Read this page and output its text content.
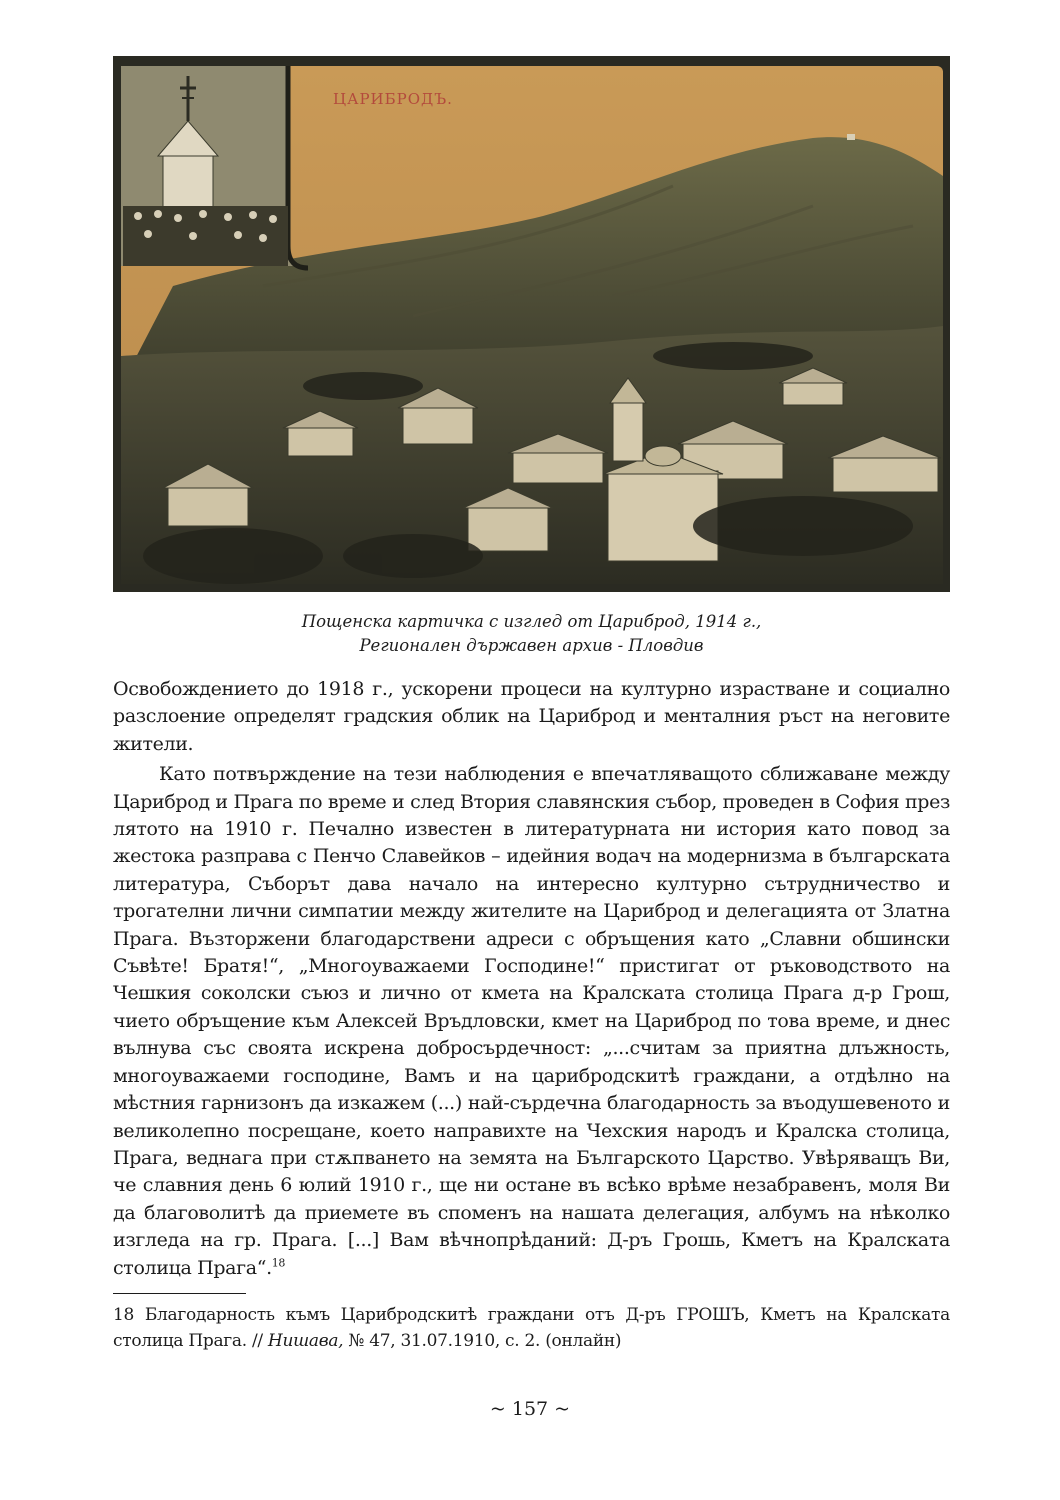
ЦАРИБРОДЪ.
Пощенска картичка с изглед от Цариброд, 1914 г.,
Регионален държавен архив - Пловдив

Освобождението до 1918 г., ускорени процеси на културно израстване и социално разслоение определят градския облик на Цариброд и менталния ръст на неговите жители.

Като потвърждение на тези наблюдения е впечатляващото сближаване между Цариброд и Прага по време и след Втория славянския събор, проведен в София през лятото на 1910 г. Печално известен в литературната ни история като повод за жестока разправа с Пенчо Славейков – идейния водач на модернизма в българската литература, Съборът дава начало на интересно културно сътрудничество и трогателни лични симпатии между жителите на Цариброд и делегацията от Златна Прага. Възторжени благодарствени адреси с обръщения като „Славни обшински Съвѣте! Братя!“, „Многоуважаеми Господине!“ пристигат от ръководството на Чешкия соколски съюз и лично от кмета на Кралската столица Прага д-р Грош, чието обръщение към Алексей Връдловски, кмет на Цариброд по това време, и днес вълнува със своята искрена добросърдечност: „...считам за приятна длъжность, многоуважаеми господине, Вамъ и на царибродскитѣ граждани, а отдѣлно на мѣстния гарнизонъ да изкажем (...) най-сърдечна благодарность за въодушевеното и великолепно посрещане, което направихте на Чехския народъ и Кралска столица, Прага, веднага при стѫпването на земята на Българското Царство. Увѣряващъ Ви, че славния день 6 юлий 1910 г., ще ни остане въ всѣко врѣме незабравенъ, моля Ви да благоволитѣ да приемете въ споменъ на нашата делегация, албумъ на нѣколко изгледа на гр. Прага. [...] Вам вѣчнопрѣданий: Д-ръ Грошь, Кметъ на Кралската столица Прага“.$^{18}$

18 Благодарность къмъ Царибродскитѣ граждани отъ Д-ръ ГРОШЪ, Кметъ на Кралската столица Прага. // Нишава, № 47, 31.07.1910, с. 2. (онлайн)
~ 157 ~
